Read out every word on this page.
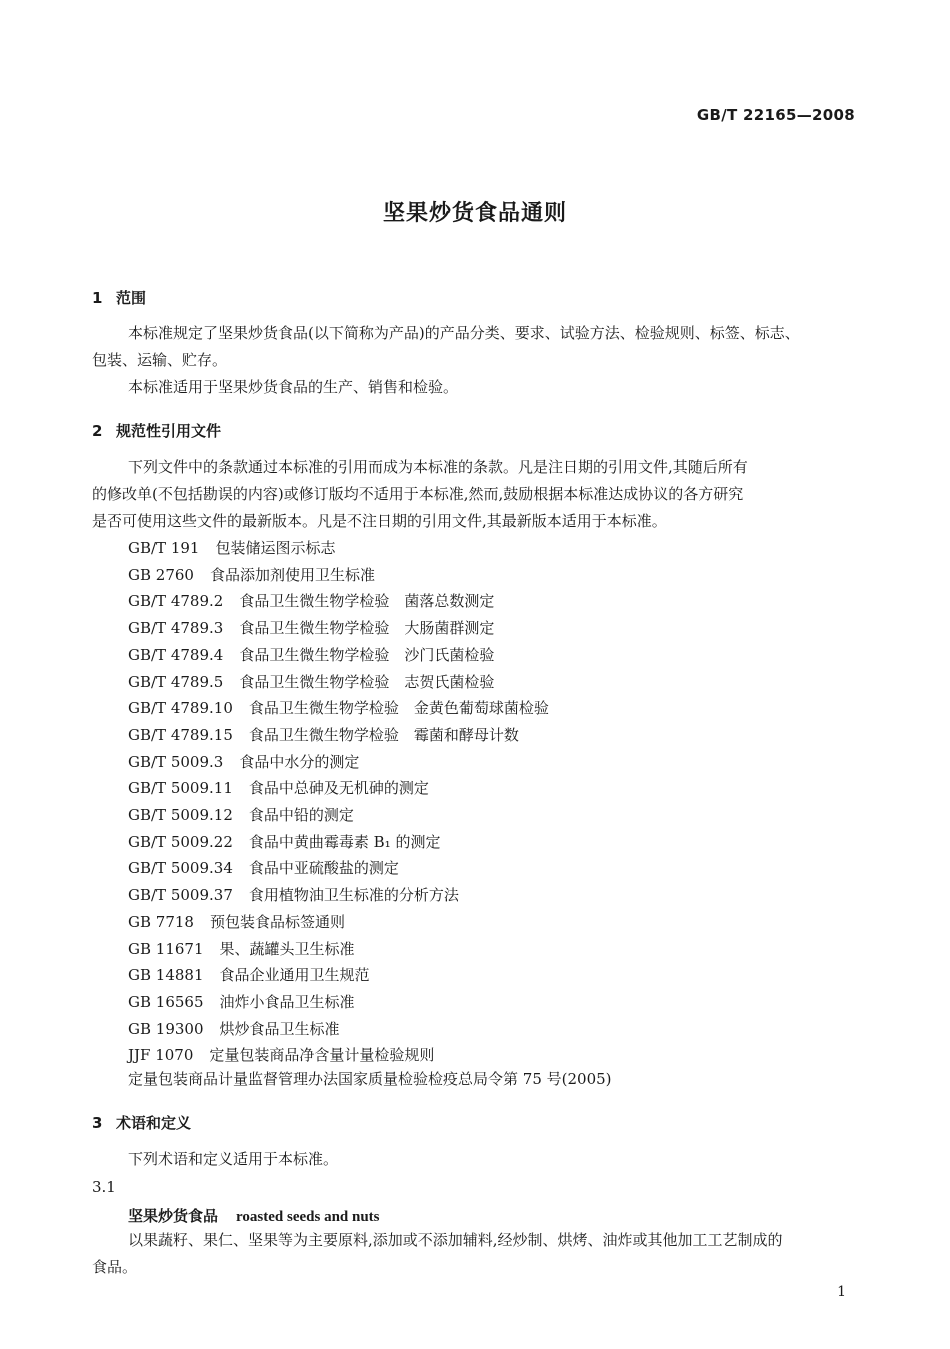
GB/T 22165—2008
坚果炒货食品通则
1 范围
本标准规定了坚果炒货食品(以下简称为产品)的产品分类、要求、试验方法、检验规则、标签、标志、
包装、运输、贮存。
本标准适用于坚果炒货食品的生产、销售和检验。
2 规范性引用文件
下列文件中的条款通过本标准的引用而成为本标准的条款。凡是注日期的引用文件,其随后所有
的修改单(不包括勘误的内容)或修订版均不适用于本标准,然而,鼓励根据本标准达成协议的各方研究
是否可使用这些文件的最新版本。凡是不注日期的引用文件,其最新版本适用于本标准。
GB/T 191 包装储运图示标志
GB 2760 食品添加剂使用卫生标准
GB/T 4789.2 食品卫生微生物学检验　菌落总数测定
GB/T 4789.3 食品卫生微生物学检验　大肠菌群测定
GB/T 4789.4 食品卫生微生物学检验　沙门氏菌检验
GB/T 4789.5 食品卫生微生物学检验　志贺氏菌检验
GB/T 4789.10 食品卫生微生物学检验　金黄色葡萄球菌检验
GB/T 4789.15 食品卫生微生物学检验　霉菌和酵母计数
GB/T 5009.3 食品中水分的测定
GB/T 5009.11 食品中总砷及无机砷的测定
GB/T 5009.12 食品中铅的测定
GB/T 5009.22 食品中黄曲霉毒素 B₁ 的测定
GB/T 5009.34 食品中亚硫酸盐的测定
GB/T 5009.37 食用植物油卫生标准的分析方法
GB 7718 预包装食品标签通则
GB 11671 果、蔬罐头卫生标准
GB 14881 食品企业通用卫生规范
GB 16565 油炸小食品卫生标准
GB 19300 烘炒食品卫生标准
JJF 1070 定量包装商品净含量计量检验规则
定量包装商品计量监督管理办法国家质量检验检疫总局令第 75 号(2005)
3 术语和定义
下列术语和定义适用于本标准。
3.1
坚果炒货食品 roasted seeds and nuts
以果蔬籽、果仁、坚果等为主要原料,添加或不添加辅料,经炒制、烘烤、油炸或其他加工工艺制成的
食品。
1
